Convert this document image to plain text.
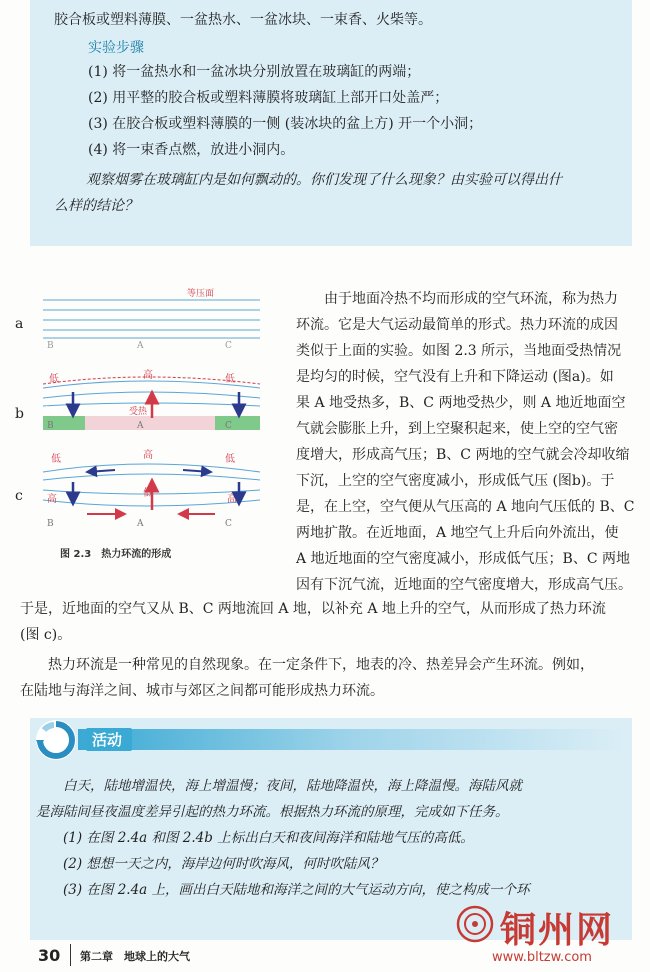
胶合板或塑料薄膜、一盆热水、一盆冰块、一束香、火柴等。
实验步骤
(1) 将一盆热水和一盆冰块分别放置在玻璃缸的两端；
(2) 用平整的胶合板或塑料薄膜将玻璃缸上部开口处盖严；
(3) 在胶合板或塑料薄膜的一侧 (装冰块的盆上方) 开一个小洞；
(4) 将一束香点燃，放进小洞内。
观察烟雾在玻璃缸内是如何飘动的。你们发现了什么现象？由实验可以得出什
么样的结论？
a
b
c
等压面
B	A	C
低	高	低
冷却	受热	冷却
B	A	C
低	高	低
高
低
高
B	A	C
图 2.3　热力环流的形成
　　由于地面冷热不均而形成的空气环流，称为热力
环流。它是大气运动最简单的形式。热力环流的成因
类似于上面的实验。如图 2.3 所示，当地面受热情况
是均匀的时候，空气没有上升和下降运动 (图a)。如
果 A 地受热多，B、C 两地受热少，则 A 地近地面空
气就会膨胀上升，到上空聚积起来，使上空的空气密
度增大，形成高气压；B、C 两地的空气就会冷却收缩
下沉，上空的空气密度减小，形成低气压 (图b)。于
是，在上空，空气便从气压高的 A 地向气压低的 B、C
两地扩散。在近地面，A 地空气上升后向外流出，使
A 地近地面的空气密度减小，形成低气压；B、C 两地
因有下沉气流，近地面的空气密度增大，形成高气压。
于是，近地面的空气又从 B、C 两地流回 A 地，以补充 A 地上升的空气，从而形成了热力环流
(图 c)。
　　热力环流是一种常见的自然现象。在一定条件下，地表的冷、热差异会产生环流。例如，
在陆地与海洋之间、城市与郊区之间都可能形成热力环流。
活动
　　白天，陆地增温快，海上增温慢；夜间，陆地降温快，海上降温慢。海陆风就
是海陆间昼夜温度差异引起的热力环流。根据热力环流的原理，完成如下任务。
　　(1) 在图 2.4a 和图 2.4b 上标出白天和夜间海洋和陆地气压的高低。
　　(2) 想想一天之内，海岸边何时吹海风，何时吹陆风？
　　(3) 在图 2.4a 上，画出白天陆地和海洋之间的大气运动方向，使之构成一个环
30 第二章　地球上的大气
铜州网
www.bltzw.com
